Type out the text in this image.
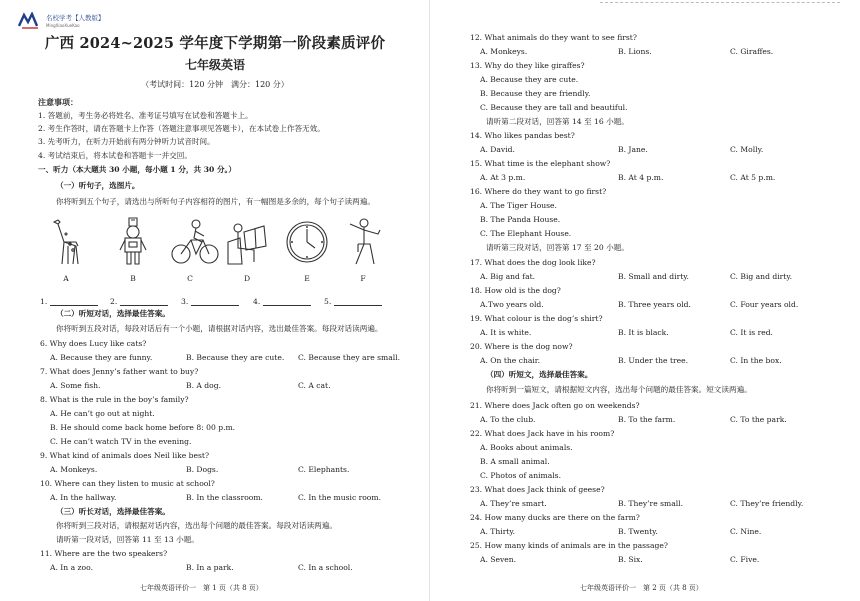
名校学考【人教版】
MingXiaoXueKao
广西 2024~2025 学年度下学期第一阶段素质评价
七年级英语
（考试时间：120 分钟　满分：120 分）
注意事项：
1. 答题前，考生务必将姓名、准考证号填写在试卷和答题卡上。
2. 考生作答时，请在答题卡上作答（答题注意事项见答题卡），在本试卷上作答无效。
3. 先考听力，在听力开始前有两分钟听力试音时间。
4. 考试结束后，将本试卷和答题卡一并交回。
一、听力（本大题共 30 小题，每小题 1 分，共 30 分。）
（一）听句子，选图片。
你将听到五个句子，请选出与所听句子内容相符的图片，有一幅图是多余的，每个句子读两遍。
A	B	C	D	E	F
1.	2.	3.	4.	5.
（二）听短对话，选择最佳答案。
你将听到五段对话，每段对话后有一个小题，请根据对话内容，选出最佳答案。每段对话读两遍。
6. Why does Lucy like cats?
A. Because they are funny.	B. Because they are cute. C. Because they are small.
7. What does Jenny’s father want to buy?
A. Some fish.	B. A dog.	C. A cat.
8. What is the rule in the boy’s family?
A. He can’t go out at night.
B. He should come back home before 8: 00 p.m.
C. He can’t watch TV in the evening.
9. What kind of animals does Neil like best?
A. Monkeys.	B. Dogs.	C. Elephants.
10. Where can they listen to music at school?
A. In the hallway.	B. In the classroom.	C. In the music room.
（三）听长对话，选择最佳答案。
你将听到三段对话，请根据对话内容，选出每个问题的最佳答案。每段对话读两遍。
请听第一段对话，回答第 11 至 13 小题。
11. Where are the two speakers?
A. In a zoo.	B. In a park.	C. In a school.
七年级英语评价一　第 1 页（共 8 页）
12. What animals do they want to see first?
A. Monkeys.	B. Lions.	C. Giraffes.
13. Why do they like giraffes?
A. Because they are cute.
B. Because they are friendly.
C. Because they are tall and beautiful.
请听第二段对话，回答第 14 至 16 小题。
14. Who likes pandas best?
A. David.	B. Jane.	C. Molly.
15. What time is the elephant show?
A. At 3 p.m.	B. At 4 p.m.	C. At 5 p.m.
16. Where do they want to go first?
A. The Tiger House.
B. The Panda House.
C. The Elephant House.
请听第三段对话，回答第 17 至 20 小题。
17. What does the dog look like?
A. Big and fat.	B. Small and dirty.	C. Big and dirty.
18. How old is the dog?
A.Two years old.	B. Three years old.	C. Four years old.
19. What colour is the dog’s shirt?
A. It is white.	B. It is black.	C. It is red.
20. Where is the dog now?
A. On the chair.	B. Under the tree.	C. In the box.
（四）听短文，选择最佳答案。
你将听到一篇短文，请根据短文内容，选出每个问题的最佳答案。短文读两遍。
21. Where does Jack often go on weekends?
A. To the club.	B. To the farm.	C. To the park.
22. What does Jack have in his room?
A. Books about animals.
B. A small animal.
C. Photos of animals.
23. What does Jack think of geese?
A. They’re smart.	B. They’re small.	C. They’re friendly.
24. How many ducks are there on the farm?
A. Thirty.	B. Twenty.	C. Nine.
25. How many kinds of animals are in the passage?
A. Seven.	B. Six.	C. Five.
七年级英语评价一　第 2 页（共 8 页）
